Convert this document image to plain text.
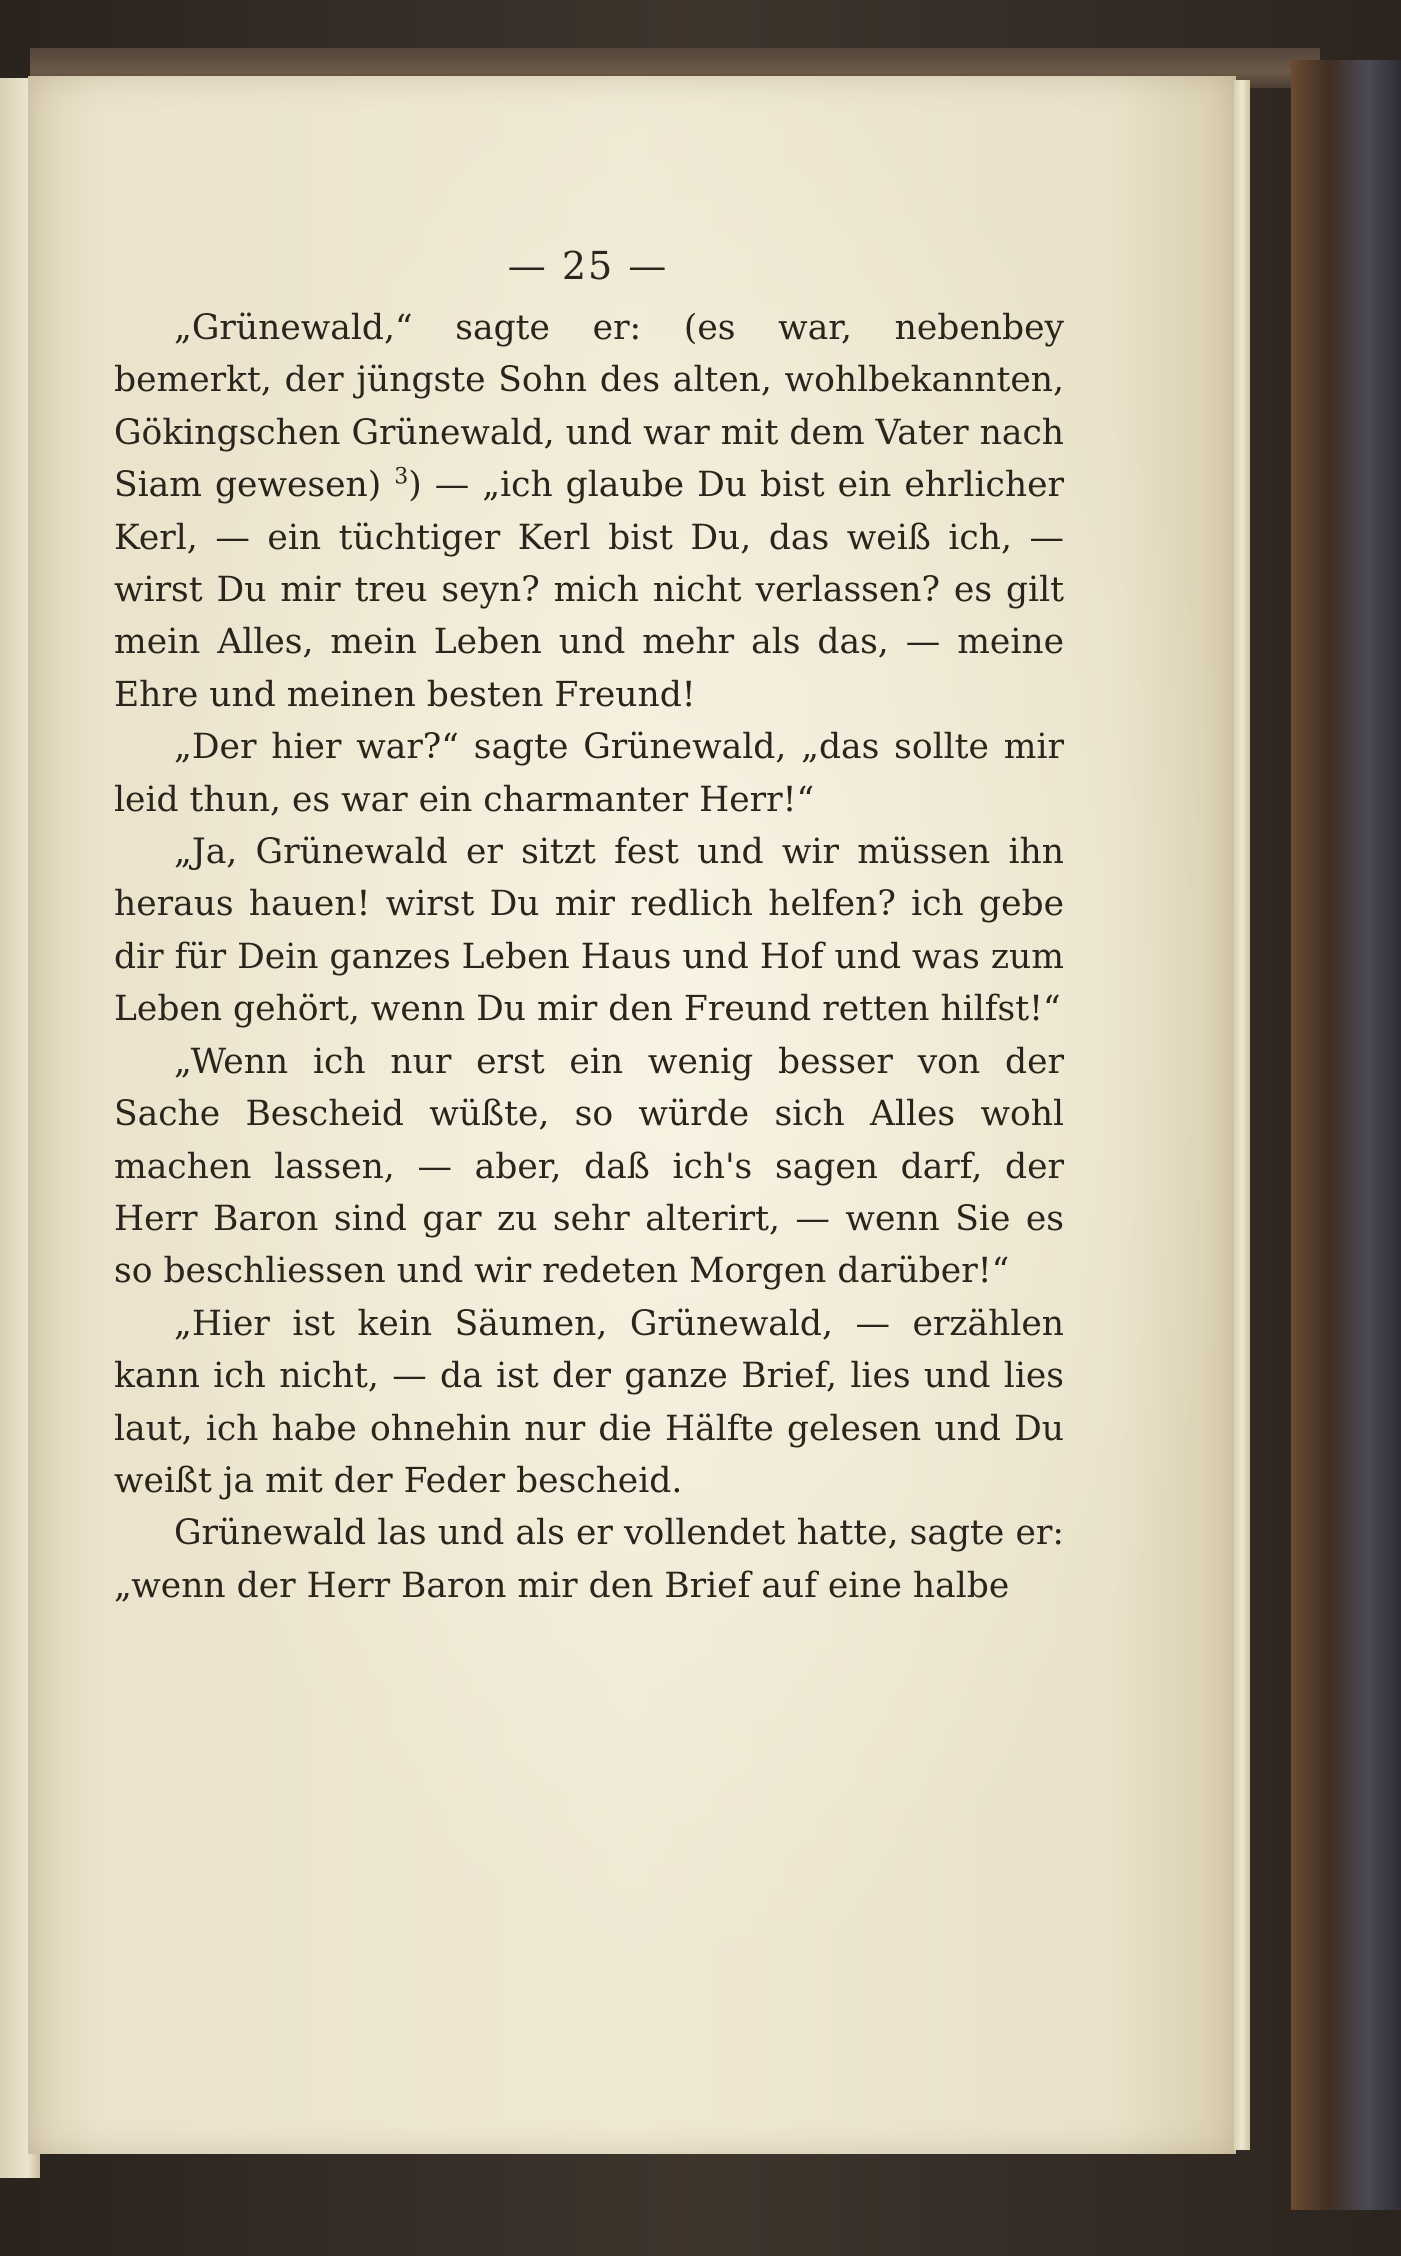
— 25 —

„Grünewald,“ sagte er: (es war, nebenbey bemerkt, der jüngste Sohn des alten, wohlbekannten, Gökingschen Grünewald, und war mit dem Vater nach Siam gewesen) $^3$) — „ich glaube Du bist ein ehrlicher Kerl, — ein tüchtiger Kerl bist Du, das weiß ich, — wirst Du mir treu seyn? mich nicht verlassen? es gilt mein Alles, mein Leben und mehr als das, — meine Ehre und meinen besten Freund!

„Der hier war?“ sagte Grünewald, „das sollte mir leid thun, es war ein charmanter Herr!“

„Ja, Grünewald er sitzt fest und wir müssen ihn heraus hauen! wirst Du mir redlich helfen? ich gebe dir für Dein ganzes Leben Haus und Hof und was zum Leben gehört, wenn Du mir den Freund retten hilfst!“

„Wenn ich nur erst ein wenig besser von der Sache Bescheid wüßte, so würde sich Alles wohl machen lassen, — aber, daß ich's sagen darf, der Herr Baron sind gar zu sehr alterirt, — wenn Sie es so beschliessen und wir redeten Morgen darüber!“

„Hier ist kein Säumen, Grünewald, — erzählen kann ich nicht, — da ist der ganze Brief, lies und lies laut, ich habe ohnehin nur die Hälfte gelesen und Du weißt ja mit der Feder bescheid.

Grünewald las und als er vollendet hatte, sagte er: „wenn der Herr Baron mir den Brief auf eine halbe
